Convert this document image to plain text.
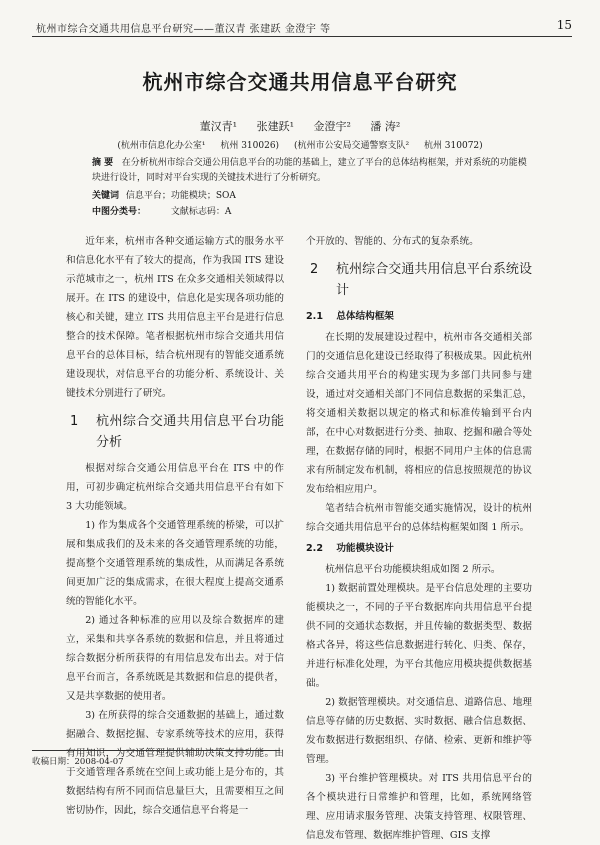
杭州市综合交通共用信息平台研究——董汉青 张建跃 金澄宇 等	15
杭州市综合交通共用信息平台研究
董汉青¹ 张建跃¹ 金澄宇² 潘 涛²
(杭州市信息化办公室¹ 杭州 310026) (杭州市公安局交通警察支队² 杭州 310072)
摘 要 在分析杭州市综合交通公用信息平台的功能的基础上，建立了平台的总体结构框架，并对系统的功能模块进行设计，同时对平台实现的关键技术进行了分析研究。
关键词 信息平台；功能模块；SOA
中图分类号：	文献标志码：A

近年来，杭州市各种交通运输方式的服务水平和信息化水平有了较大的提高，作为我国 ITS 建设示范城市之一，杭州 ITS 在众多交通相关领域得以展开。在 ITS 的建设中，信息化是实现各项功能的核心和关键，建立 ITS 共用信息主平台是进行信息整合的技术保障。笔者根据杭州市综合交通共用信息平台的总体目标，结合杭州现有的智能交通系统建设现状，对信息平台的功能分析、系统设计、关键技术分别进行了研究。

1 杭州综合交通共用信息平台功能分析

根据对综合交通公用信息平台在 ITS 中的作用，可初步确定杭州综合交通共用信息平台有如下 3 大功能领域。

1) 作为集成各个交通管理系统的桥梁，可以扩展和集成我们的及未来的各交通管理系统的功能，提高整个交通管理系统的集成性，从而满足各系统间更加广泛的集成需求，在很大程度上提高交通系统的智能化水平。

2) 通过各种标准的应用以及综合数据库的建立，采集和共享各系统的数据和信息，并且将通过综合数据分析所获得的有用信息发布出去。对于信息平台而言，各系统既是其数据和信息的提供者，又是共享数据的使用者。

3) 在所获得的综合交通数据的基础上，通过数据融合、数据挖掘、专家系统等技术的应用，获得有用知识，为交通管理提供辅助决策支持功能。由于交通管理各系统在空间上或功能上是分布的，其数据结构有所不同而信息量巨大，且需要相互之间密切协作，因此，综合交通信息平台将是一

个开放的、智能的、分布式的复杂系统。

2 杭州综合交通共用信息平台系统设计
2.1 总体结构框架

在长期的发展建设过程中，杭州市各交通相关部门的交通信息化建设已经取得了积极成果。因此杭州综合交通共用平台的构建实现为多部门共同参与建设，通过对交通相关部门不同信息数据的采集汇总，将交通相关数据以规定的格式和标准传输到平台内部，在中心对数据进行分类、抽取、挖掘和融合等处理，在数据存储的同时，根据不同用户主体的信息需求有所制定发布机制，将相应的信息按照规范的协议发布给相应用户。

笔者结合杭州市智能交通实施情况，设计的杭州综合交通共用信息平台的总体结构框架如图 1 所示。

2.2 功能模块设计

杭州信息平台功能模块组成如图 2 所示。

1) 数据前置处理模块。是平台信息处理的主要功能模块之一，不同的子平台数据库向共用信息平台提供不同的交通状态数据，并且传输的数据类型、数据格式各异，将这些信息数据进行转化、归类、保存，并进行标准化处理，为平台其他应用模块提供数据基础。

2) 数据管理模块。对交通信息、道路信息、地理信息等存储的历史数据、实时数据、融合信息数据、发布数据进行数据组织、存储、检索、更新和维护等管理。

3) 平台维护管理模块。对 ITS 共用信息平台的各个模块进行日常维护和管理，比如，系统网络管理、应用请求服务管理、决策支持管理、权限管理、信息发布管理、数据库维护管理、GIS 支撑

收稿日期：2008-04-07
